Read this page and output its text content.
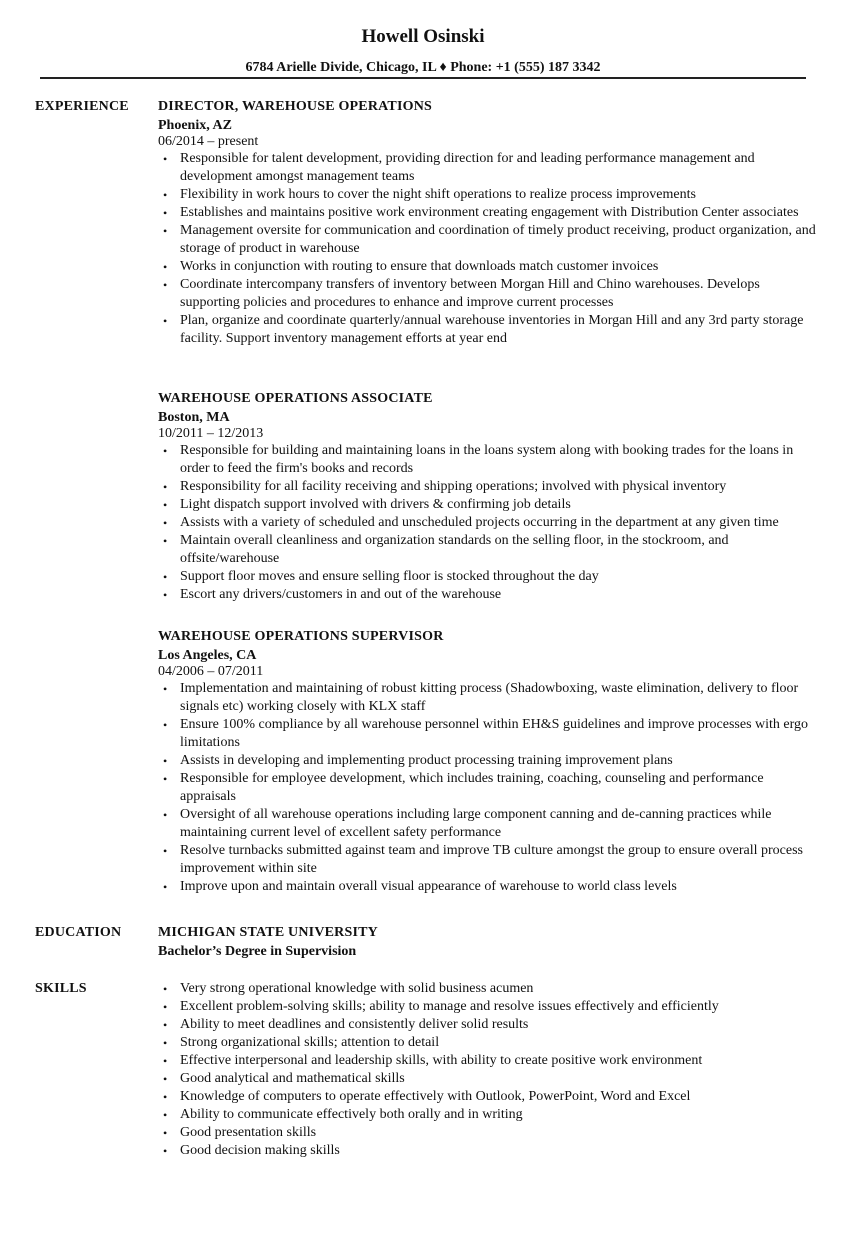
Howell Osinski
6784 Arielle Divide, Chicago, IL ♦ Phone: +1 (555) 187 3342
EXPERIENCE DIRECTOR, WAREHOUSE OPERATIONS
Phoenix, AZ
06/2014 – present
• Responsible for talent development, providing direction for and leading performance management and development amongst management teams
• Flexibility in work hours to cover the night shift operations to realize process improvements
• Establishes and maintains positive work environment creating engagement with Distribution Center associates
• Management oversite for communication and coordination of timely product receiving, product organization, and storage of product in warehouse
• Works in conjunction with routing to ensure that downloads match customer invoices
• Coordinate intercompany transfers of inventory between Morgan Hill and Chino warehouses. Develops supporting policies and procedures to enhance and improve current processes
• Plan, organize and coordinate quarterly/annual warehouse inventories in Morgan Hill and any 3rd party storage facility. Support inventory management efforts at year end
WAREHOUSE OPERATIONS ASSOCIATE
Boston, MA
10/2011 – 12/2013
• Responsible for building and maintaining loans in the loans system along with booking trades for the loans in order to feed the firm's books and records
• Responsibility for all facility receiving and shipping operations; involved with physical inventory
• Light dispatch support involved with drivers & confirming job details
• Assists with a variety of scheduled and unscheduled projects occurring in the department at any given time
• Maintain overall cleanliness and organization standards on the selling floor, in the stockroom, and offsite/warehouse
• Support floor moves and ensure selling floor is stocked throughout the day
• Escort any drivers/customers in and out of the warehouse
WAREHOUSE OPERATIONS SUPERVISOR
Los Angeles, CA
04/2006 – 07/2011
• Implementation and maintaining of robust kitting process (Shadowboxing, waste elimination, delivery to floor signals etc) working closely with KLX staff
• Ensure 100% compliance by all warehouse personnel within EH&S guidelines and improve processes with ergo limitations
• Assists in developing and implementing product processing training improvement plans
• Responsible for employee development, which includes training, coaching, counseling and performance appraisals
• Oversight of all warehouse operations including large component canning and de-canning practices while maintaining current level of excellent safety performance
• Resolve turnbacks submitted against team and improve TB culture amongst the group to ensure overall process improvement within site
• Improve upon and maintain overall visual appearance of warehouse to world class levels
EDUCATION	MICHIGAN STATE UNIVERSITY
Bachelor’s Degree in Supervision
SKILLS	• Very strong operational knowledge with solid business acumen
• Excellent problem-solving skills; ability to manage and resolve issues effectively and efficiently
• Ability to meet deadlines and consistently deliver solid results
• Strong organizational skills; attention to detail
• Effective interpersonal and leadership skills, with ability to create positive work environment
• Good analytical and mathematical skills
• Knowledge of computers to operate effectively with Outlook, PowerPoint, Word and Excel
• Ability to communicate effectively both orally and in writing
• Good presentation skills
• Good decision making skills
